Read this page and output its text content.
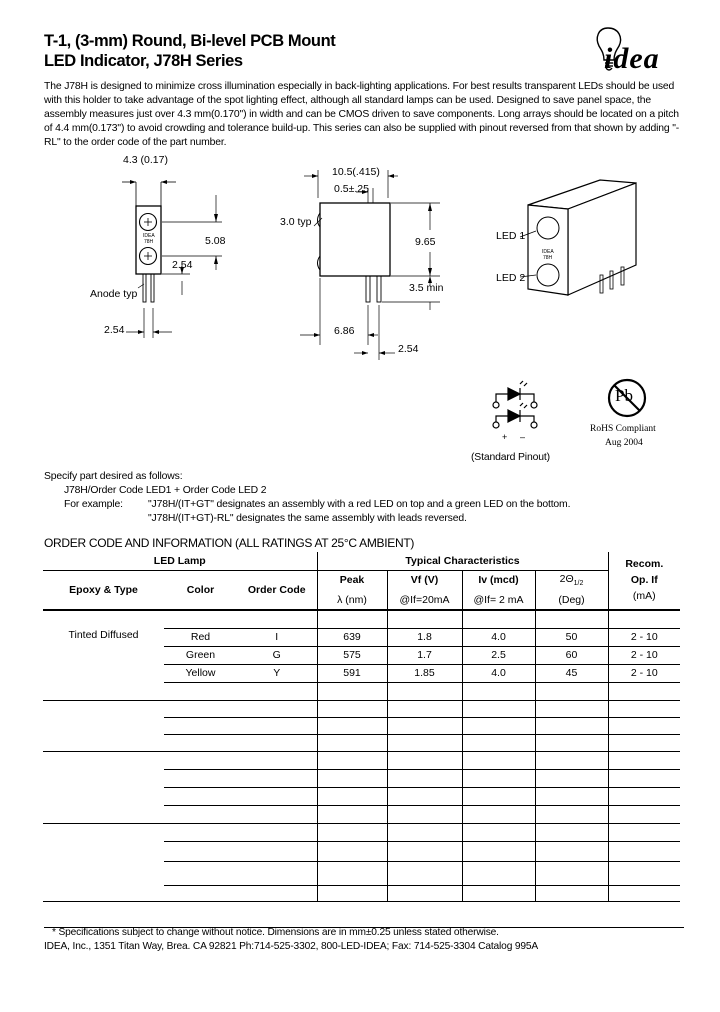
T-1, (3-mm) Round, Bi-level PCB Mount
LED Indicator, J78H Series	idea
The J78H is designed to minimize cross illumination especially in back-lighting applications. For best results transparent LEDs should be used with this holder to take advantage of the spot lighting effect, although all standard lamps can be used. Designed to save panel space, the assembly measures just over 4.3 mm(0.170") in width and can be CMOS driven to save components. Long arrays should be located on a pitch of 4.4 mm(0.173") to avoid crowding and tolerance build-up. This series can also be supplied with pinout reversed from that shown by adding "-RL" to the order code of the part number.
4.3 (0.17)
IDEA
78H	5.08
2.54
Anode typ
2.54
10.5(.415)
0.5±.25
3.0 typ
9.65
3.5 min
6.86
2.54
IDEA
78H
LED 1
LED 2
+ –
(Standard Pinout)
Pb
RoHS Compliant
Aug 2004
Specify part desired as follows:
J78H/Order Code LED1 + Order Code LED 2
For example: "J78H/(IT+GT" designates an assembly with a red LED on top and a green LED on the bottom.
"J78H/(IT+GT)-RL" designates the same assembly with leads reversed.
ORDER CODE AND INFORMATION (ALL RATINGS AT 25°C AMBIENT)
LED Lamp			Typical Characteristics				Recom.
Epoxy & Type	Color	Order Code	Peak	Vf (V)	Iv (mcd)	$2\Theta_{1/2}$	Op. If
			λ (nm)	@If=20mA	@If= 2 mA	(Deg)	(mA)
Tinted Diffused							
	Red	I	639	1.8	4.0	50	2 - 10
	Green	G	575	1.7	2.5	60	2 - 10
	Yellow	Y	591	1.85	4.0	45	2 - 10

* Specifications subject to change without notice. Dimensions are in mm±0.25 unless stated otherwise.
IDEA, Inc., 1351 Titan Way, Brea. CA 92821 Ph:714-525-3302, 800-LED-IDEA; Fax: 714-525-3304 Catalog 995A
